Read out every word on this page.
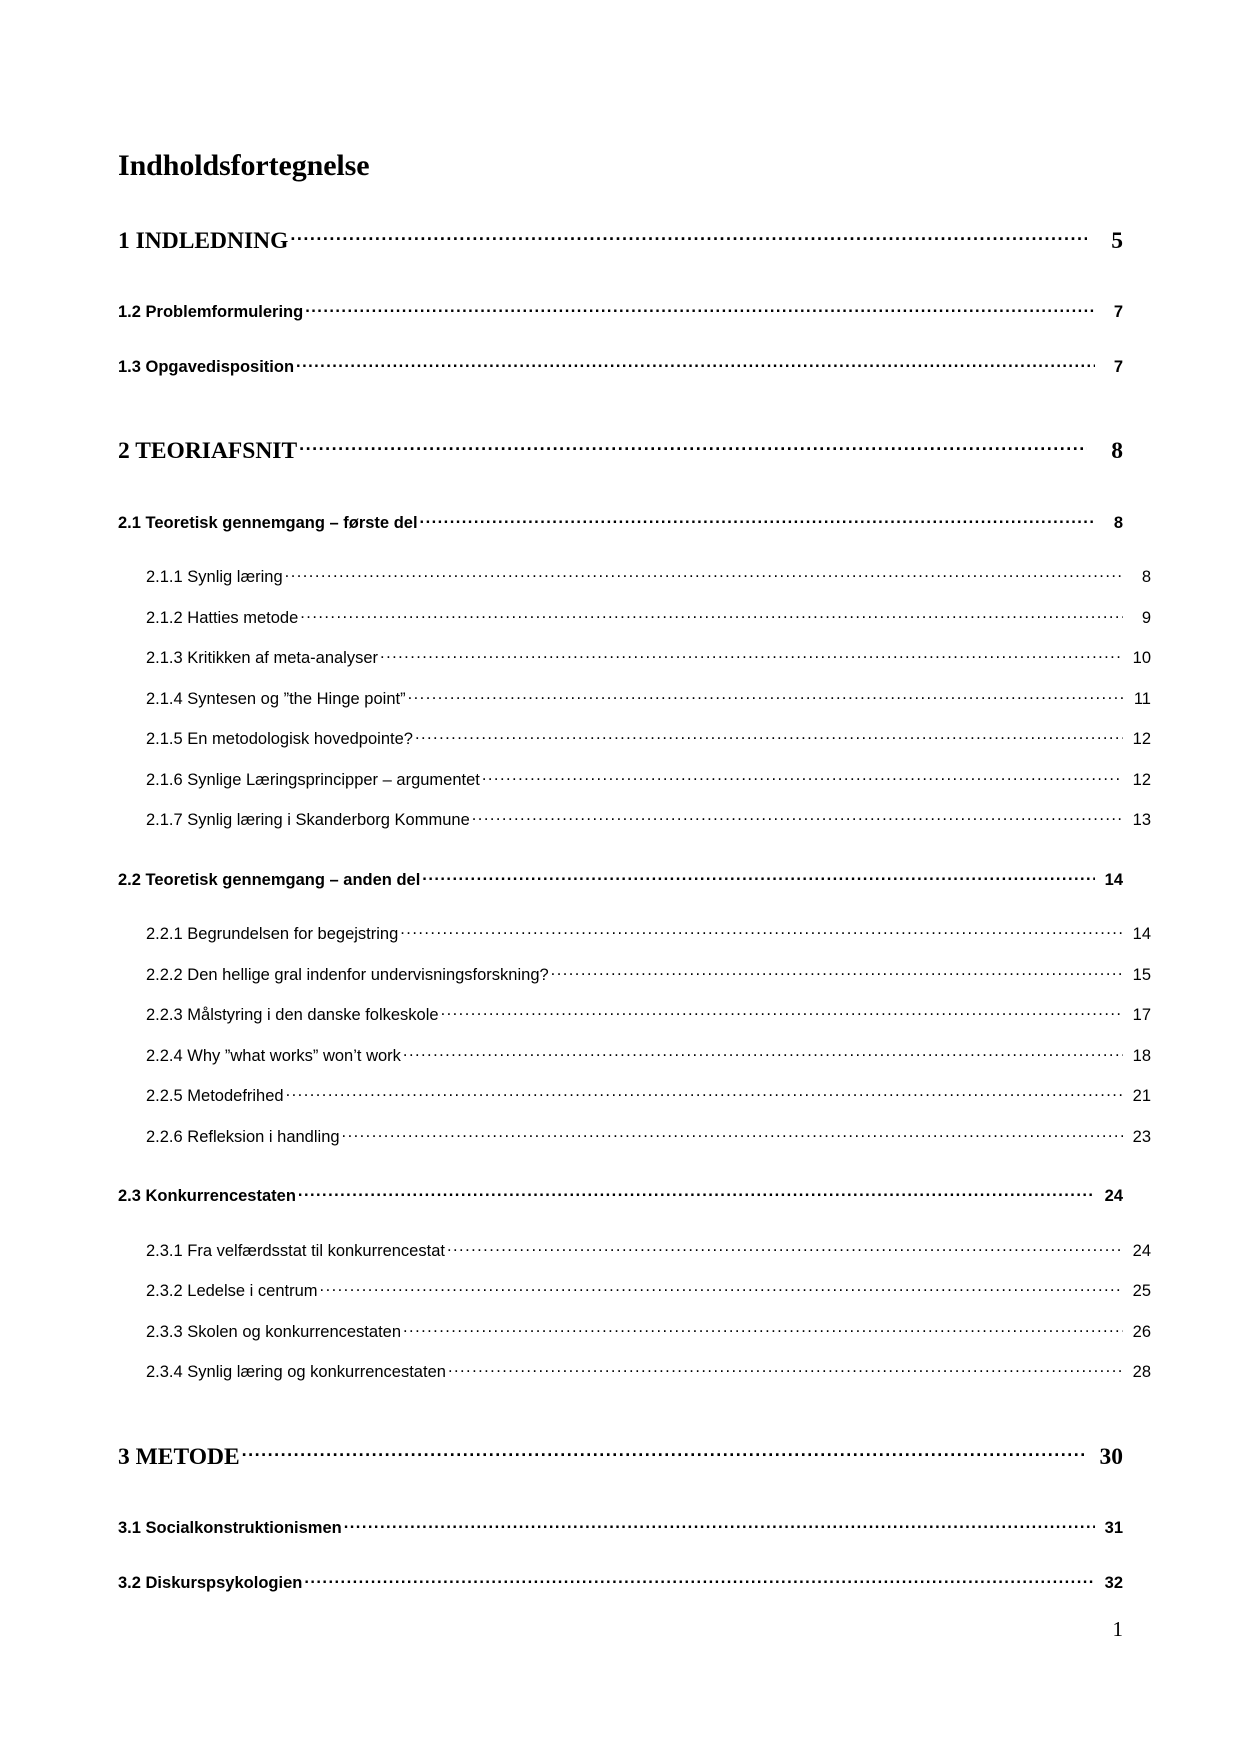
Indholdsfortegnelse
1 INDLEDNING .....	5
1.2 Problemformulering .....	7
1.3 Opgavedisposition .....	7
2 TEORIAFSNIT .....	8
2.1 Teoretisk gennemgang – første del .....	8
2.1.1 Synlig læring .....	8
2.1.2 Hatties metode .....	9
2.1.3 Kritikken af meta-analyser .....	10
2.1.4 Syntesen og ”the Hinge point” .....	11
2.1.5 En metodologisk hovedpointe? .....	12
2.1.6 Synlige Læringsprincipper – argumentet .....	12
2.1.7 Synlig læring i Skanderborg Kommune .....	13
2.2 Teoretisk gennemgang – anden del .....	14
2.2.1 Begrundelsen for begejstring .....	14
2.2.2 Den hellige gral indenfor undervisningsforskning? .....	15
2.2.3 Målstyring i den danske folkeskole .....	17
2.2.4 Why ”what works” won’t work .....	18
2.2.5 Metodefrihed .....	21
2.2.6 Refleksion i handling .....	23
2.3 Konkurrencestaten .....	24
2.3.1 Fra velfærdsstat til konkurrencestat .....	24
2.3.2 Ledelse i centrum .....	25
2.3.3 Skolen og konkurrencestaten .....	26
2.3.4 Synlig læring og konkurrencestaten .....	28
3 METODE .....	30
3.1 Socialkonstruktionismen .....	31
3.2 Diskurspsykologien .....	32
1
